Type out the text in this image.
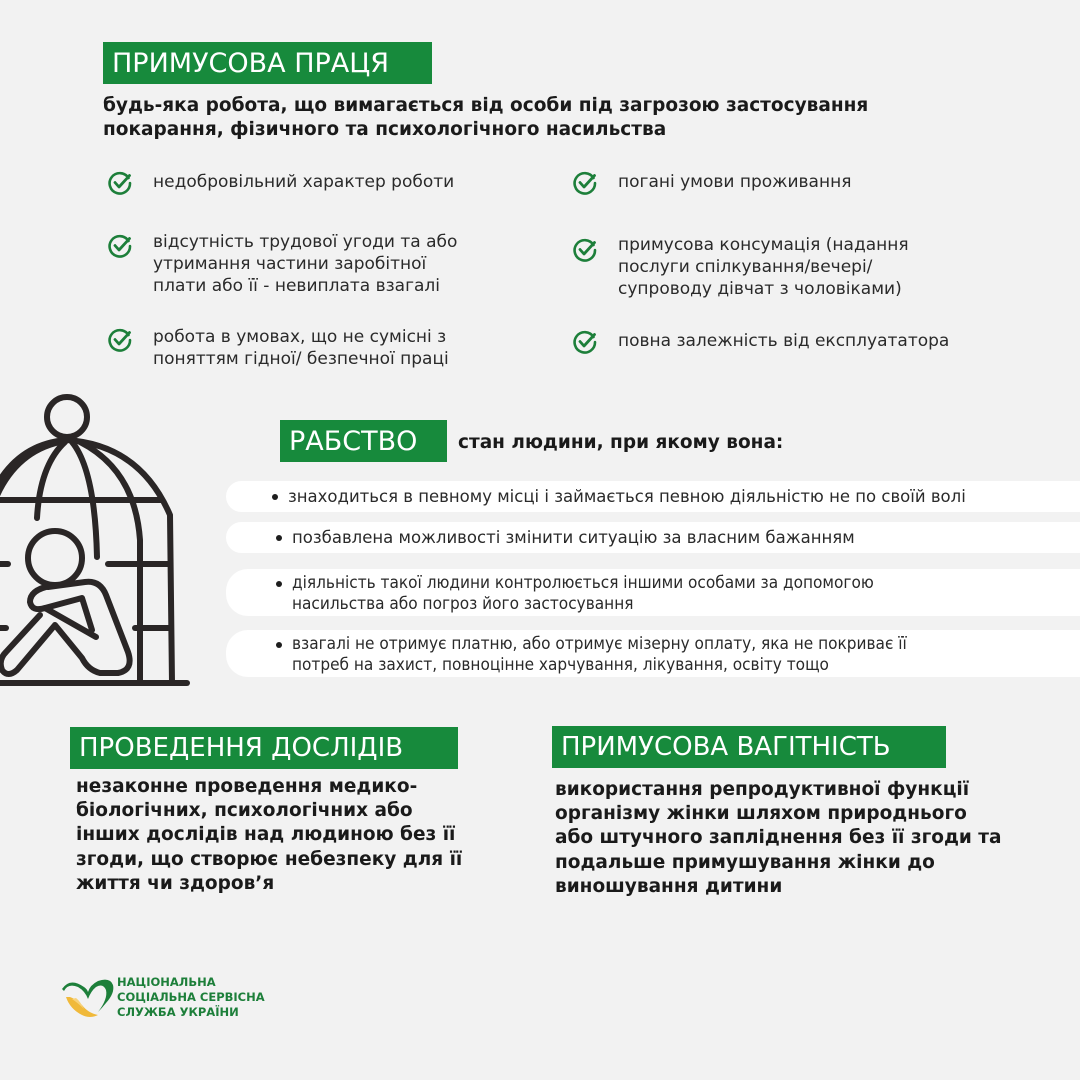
ПРИМУСОВА ПРАЦЯ
будь-яка робота, що вимагається від особи під загрозою застосування покарання, фізичного та психологічного насильства
недобровільний характер роботи
відсутність трудової угоди та або
утримання частини заробітної
плати або її - невиплата взагалі
робота в умовах, що не сумісні з
поняттям гідної/ безпечної праці
погані умови проживання
примусова консумація (надання
послуги спілкування/вечері/
супроводу дівчат з чоловіками)
повна залежність від експлуататора
РАБСТВО	стан людини, при якому вона:
знаходиться в певному місці і займається певною діяльністю не по своїй волі
позбавлена можливості змінити ситуацію за власним бажанням
діяльність такої людини контролюється іншими особами за допомогою
насильства або погроз його застосування
взагалі не отримує платню, або отримує мізерну оплату, яка не покриває її
потреб на захист, повноцінне харчування, лікування, освіту тощо
ПРОВЕДЕННЯ ДОСЛІДІВ
незаконне проведення медико-
біологічних, психологічних або
інших дослідів над людиною без її
згоди, що створює небезпеку для її
життя чи здоров’я
ПРИМУСОВА ВАГІТНІСТЬ
використання репродуктивної функції
організму жінки шляхом природнього
або штучного запліднення без її згоди та
подальше примушування жінки до
виношування дитини
НАЦІОНАЛЬНА
СОЦІАЛЬНА СЕРВІСНА
СЛУЖБА УКРАЇНИ
